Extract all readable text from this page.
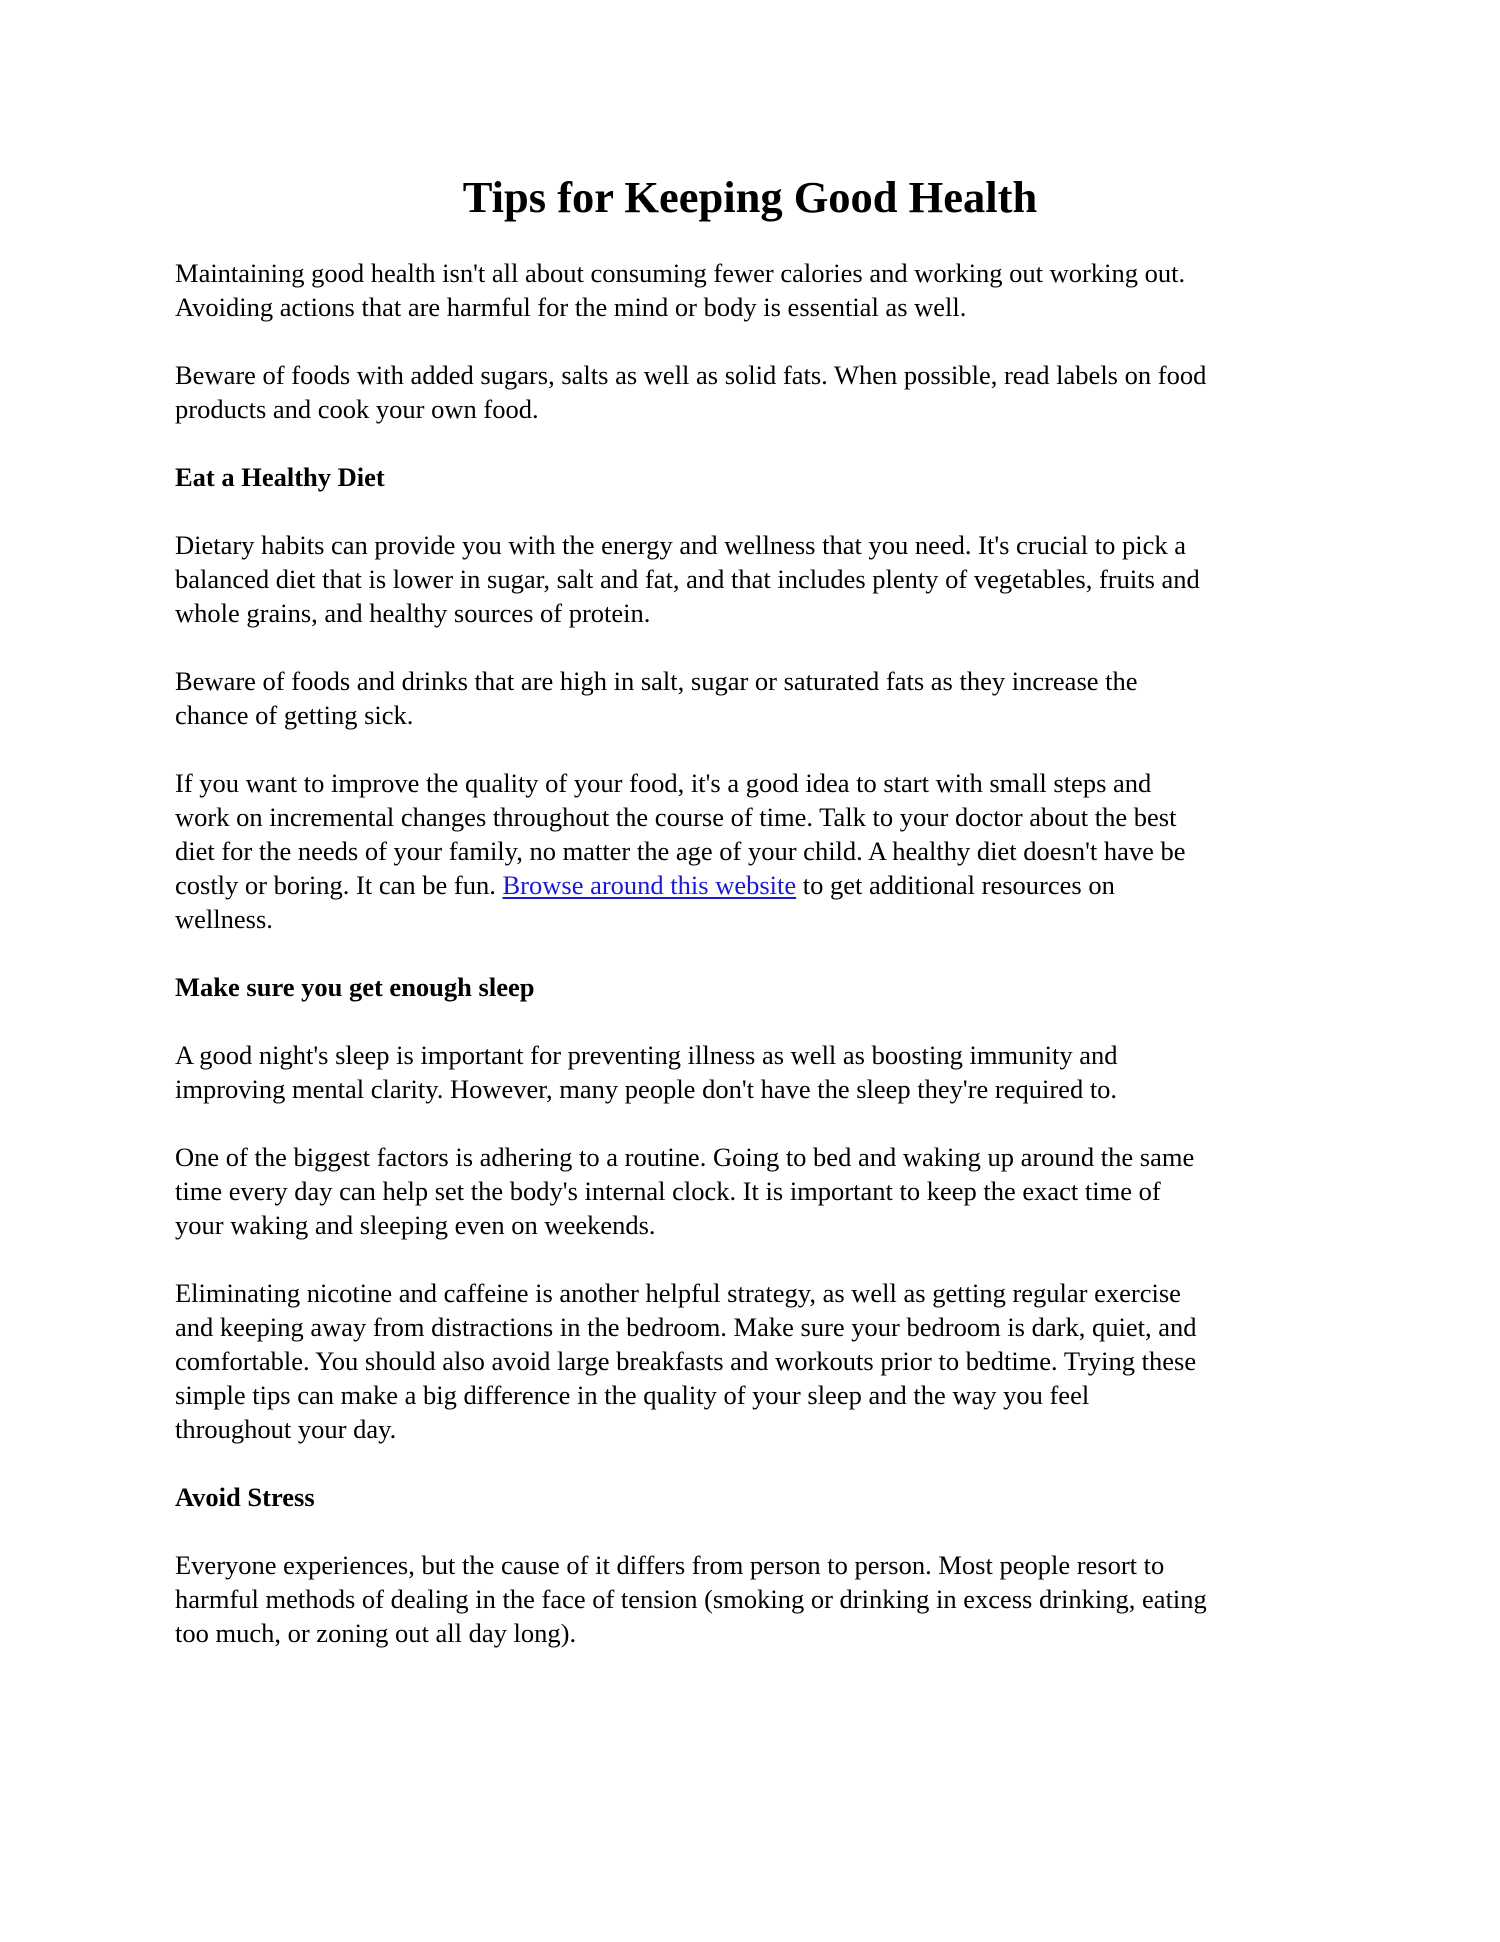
Tips for Keeping Good Health

Maintaining good health isn't all about consuming fewer calories and working out working out.
Avoiding actions that are harmful for the mind or body is essential as well.

Beware of foods with added sugars, salts as well as solid fats. When possible, read labels on food
products and cook your own food.

Eat a Healthy Diet

Dietary habits can provide you with the energy and wellness that you need. It's crucial to pick a
balanced diet that is lower in sugar, salt and fat, and that includes plenty of vegetables, fruits and
whole grains, and healthy sources of protein.

Beware of foods and drinks that are high in salt, sugar or saturated fats as they increase the
chance of getting sick.

If you want to improve the quality of your food, it's a good idea to start with small steps and
work on incremental changes throughout the course of time. Talk to your doctor about the best
diet for the needs of your family, no matter the age of your child. A healthy diet doesn't have be
costly or boring. It can be fun. Browse around this website to get additional resources on
wellness.

Make sure you get enough sleep

A good night's sleep is important for preventing illness as well as boosting immunity and
improving mental clarity. However, many people don't have the sleep they're required to.

One of the biggest factors is adhering to a routine. Going to bed and waking up around the same
time every day can help set the body's internal clock. It is important to keep the exact time of
your waking and sleeping even on weekends.

Eliminating nicotine and caffeine is another helpful strategy, as well as getting regular exercise
and keeping away from distractions in the bedroom. Make sure your bedroom is dark, quiet, and
comfortable. You should also avoid large breakfasts and workouts prior to bedtime. Trying these
simple tips can make a big difference in the quality of your sleep and the way you feel
throughout your day.

Avoid Stress

Everyone experiences, but the cause of it differs from person to person. Most people resort to
harmful methods of dealing in the face of tension (smoking or drinking in excess drinking, eating
too much, or zoning out all day long).
